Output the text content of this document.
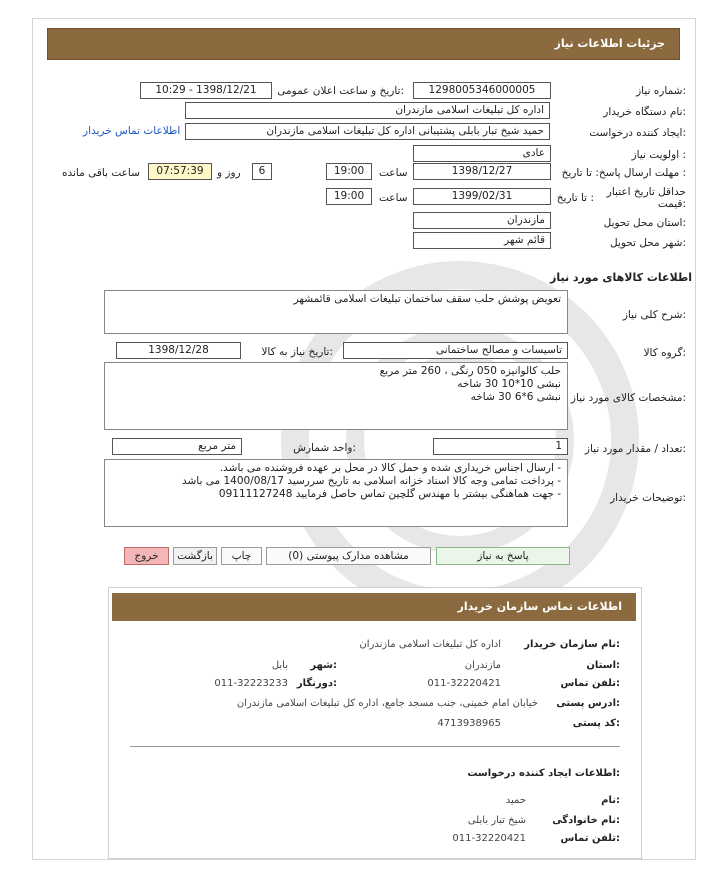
جزئیات اطلاعات نیاز
شماره نیاز:
1298005346000005
تاریخ و ساعت اعلان عمومی:
1398/12/21 - 10:29
نام دستگاه خریدار:
اداره کل تبلیغات اسلامی مازندران
ایجاد کننده درخواست:
حمید شیخ تبار بابلی پشتیبانی اداره کل تبلیغات اسلامی مازندران
اطلاعات تماس خریدار
اولویت نیاز :
عادی
مهلت ارسال پاسخ: تا تاریخ :
1398/12/27
ساعت
19:00
6
روز و
07:57:39
ساعت باقی مانده
حداقل تاریخ اعتبار قیمت:
تا تاریخ :
1399/02/31
ساعت
19:00
استان محل تحویل:
مازندران
شهر محل تحویل:
قائم شهر
اطلاعات کالاهای مورد نیاز
شرح کلی نیاز:
تعویض پوشش حلب سقف ساختمان تبلیغات اسلامی قائمشهر
گروه کالا:
تاسیسات و مصالح ساختمانی
تاریخ نیاز به کالا:
1398/12/28
مشخصات کالای مورد نیاز:
حلب کالوانیزه 050 رنگی ، 260 متر مربع
نبشی 10*10 30 شاخه
نبشی 6*6 30 شاخه
تعداد / مقدار مورد نیاز:
1
واحد شمارش:
متر مربع
توضیحات خریدار:
- ارسال اجناس خریداری شده و حمل کالا در محل بر عهده فروشنده می باشد.
- پرداخت تمامی وجه کالا اسناد خزانه اسلامی به تاریخ سررسید 1400/08/17 می باشد
- جهت هماهنگی بیشتر با مهندس گلچین تماس حاصل فرمایید 09111127248
پاسخ به نیاز
مشاهده مدارک پیوستی (0)
چاپ
بازگشت
خروج
اطلاعات تماس سازمان خریدار
نام سازمان خریدار:
اداره کل تبلیغات اسلامی مازندران
استان:
مازندران
شهر:
بابل
تلفن تماس:
011-32220421
دورنگار:
011-32223233
ادرس پستی:
خیابان امام خمینی، جنب مسجد جامع، اداره کل تبلیغات اسلامی مازندران
کد پستی:
4713938965
اطلاعات ایجاد کننده درخواست:
نام:
حمید
نام خانوادگی:
شیخ تبار بابلی
تلفن تماس:
011-32220421
